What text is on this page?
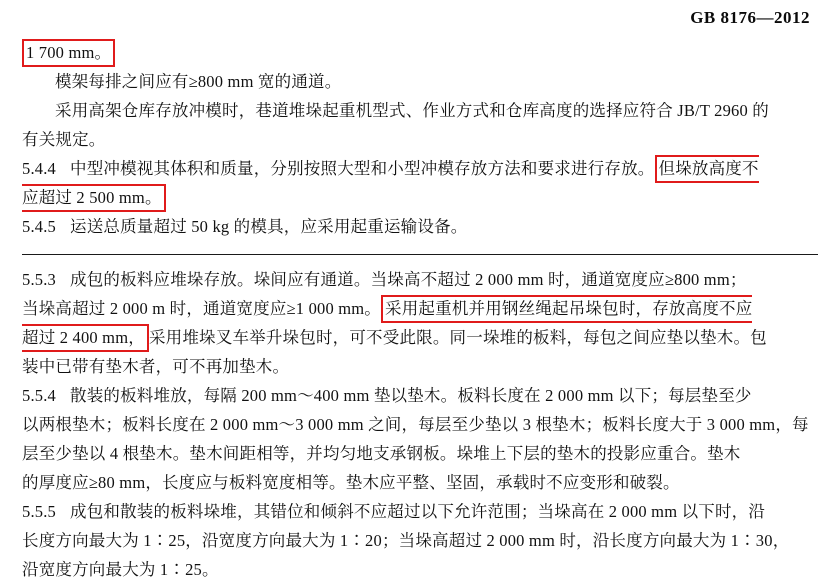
GB 8176—2012

1 700 mm。

模架每排之间应有≥800 mm 宽的通道。

采用高架仓库存放冲模时，巷道堆垛起重机型式、作业方式和仓库高度的选择应符合 JB/T 2960 的

有关规定。

5.4.4 中型冲模视其体积和质量，分别按照大型和小型冲模存放方法和要求进行存放。 但垛放高度不

应超过 2 500 mm。

5.4.5 运送总质量超过 50 kg 的模具，应采用起重运输设备。

5.5.3 成包的板料应堆垛存放。垛间应有通道。当垛高不超过 2 000 mm 时，通道宽度应≥800 mm；

当垛高超过 2 000 m 时，通道宽度应≥1 000 mm。 采用起重机并用钢丝绳起吊垛包时，存放高度不应

超过 2 400 mm， 采用堆垛叉车举升垛包时，可不受此限。同一垛堆的板料，每包之间应垫以垫木。包

装中已带有垫木者，可不再加垫木。

5.5.4 散装的板料堆放，每隔 200 mm～400 mm 垫以垫木。板料长度在 2 000 mm 以下；每层垫至少

以两根垫木；板料长度在 2 000 mm～3 000 mm 之间，每层至少垫以 3 根垫木；板料长度大于 3 000 mm，每

层至少垫以 4 根垫木。垫木间距相等，并均匀地支承钢板。垛堆上下层的垫木的投影应重合。垫木

的厚度应≥80 mm，长度应与板料宽度相等。垫木应平整、坚固，承载时不应变形和破裂。

5.5.5 成包和散装的板料垛堆，其错位和倾斜不应超过以下允许范围；当垛高在 2 000 mm 以下时，沿

长度方向最大为 1∶25，沿宽度方向最大为 1∶20；当垛高超过 2 000 mm 时，沿长度方向最大为 1∶30，

沿宽度方向最大为 1∶25。
